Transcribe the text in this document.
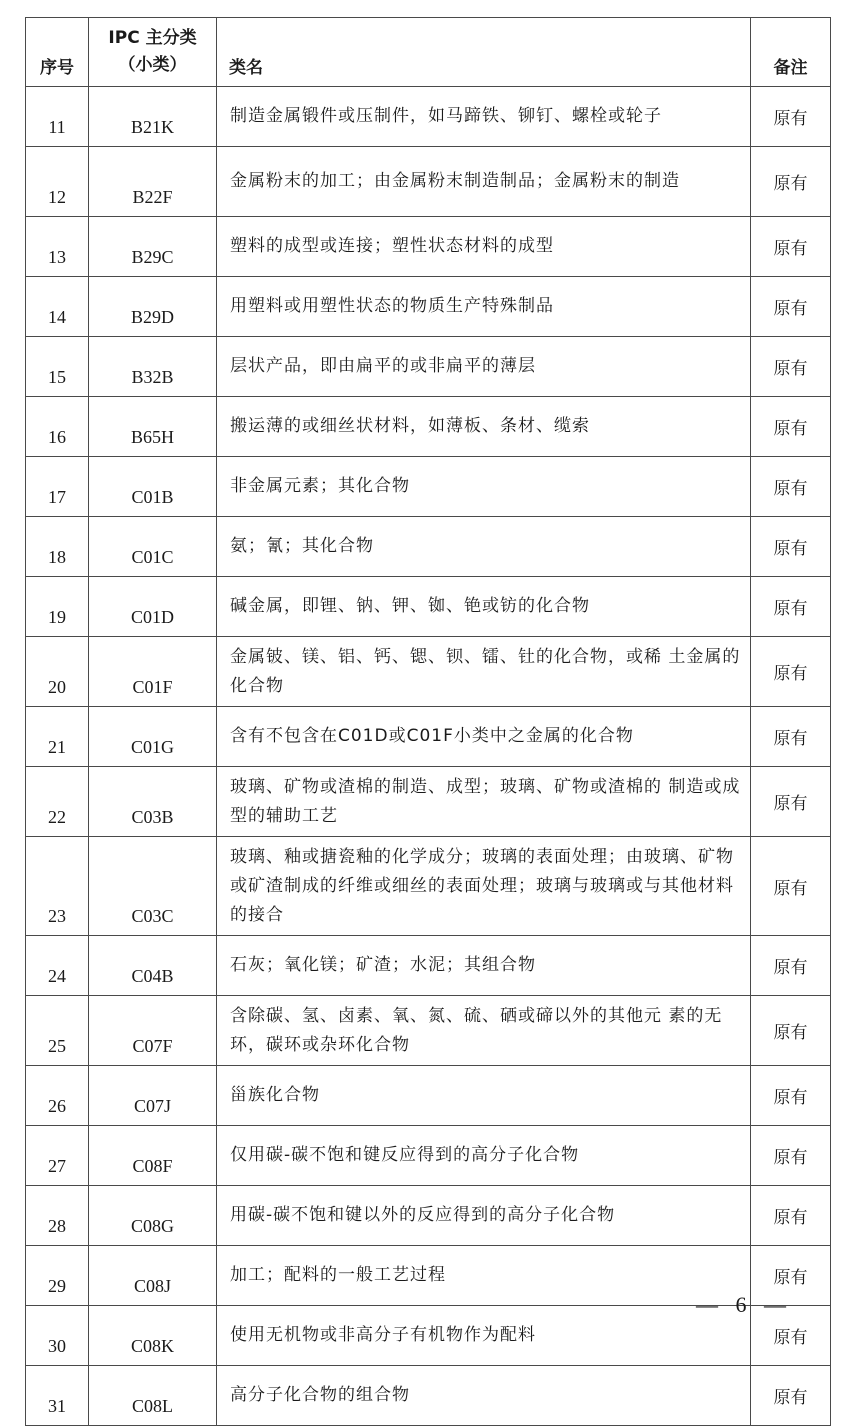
序号	IPC 主分类
（小类）	类名	备注
11	B21K	制造金属锻件或压制件，如马蹄铁、铆钉、螺栓或轮子	原有
12	B22F	金属粉末的加工；由金属粉末制造制品；金属粉末的制造	原有
13	B29C	塑料的成型或连接；塑性状态材料的成型	原有
14	B29D	用塑料或用塑性状态的物质生产特殊制品	原有
15	B32B	层状产品，即由扁平的或非扁平的薄层	原有
16	B65H	搬运薄的或细丝状材料，如薄板、条材、缆索	原有
17	C01B	非金属元素；其化合物	原有
18	C01C	氨；氰；其化合物	原有
19	C01D	碱金属，即锂、钠、钾、铷、铯或钫的化合物	原有
20	C01F	金属铍、镁、铝、钙、锶、钡、镭、钍的化合物，或稀 土金属的化合物	原有
21	C01G	含有不包含在C01D或C01F小类中之金属的化合物	原有
22	C03B	玻璃、矿物或渣棉的制造、成型；玻璃、矿物或渣棉的 制造或成型的辅助工艺	原有
23	C03C	玻璃、釉或搪瓷釉的化学成分；玻璃的表面处理；由玻璃、矿物或矿渣制成的纤维或细丝的表面处理；玻璃与玻璃或与其他材料的接合	原有
24	C04B	石灰；氧化镁；矿渣；水泥；其组合物	原有
25	C07F	含除碳、氢、卤素、氧、氮、硫、硒或碲以外的其他元 素的无环，碳环或杂环化合物	原有
26	C07J	甾族化合物	原有
27	C08F	仅用碳-碳不饱和键反应得到的高分子化合物	原有
28	C08G	用碳-碳不饱和键以外的反应得到的高分子化合物	原有
29	C08J	加工；配料的一般工艺过程	原有
30	C08K	使用无机物或非高分子有机物作为配料	原有
31	C08L	高分子化合物的组合物	原有
— 6 —
